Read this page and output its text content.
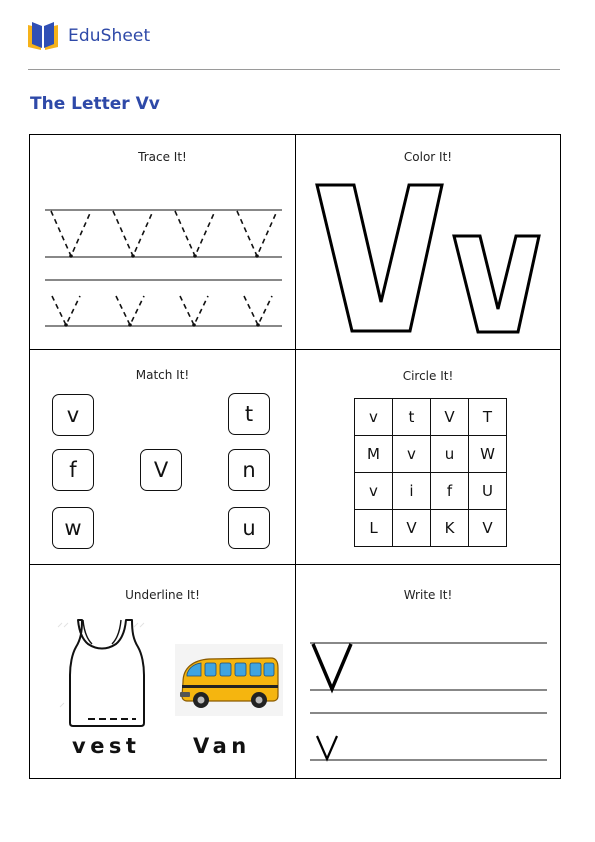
EduSheet
The Letter Vv
Trace It!	Color It!
Match It!
v
f
w
V
t
n
u
Circle It!
v	t	V	T
M	v	u	W
v	i	f	U
L	V	K	V
Underline It!
vest	Van
Write It!
